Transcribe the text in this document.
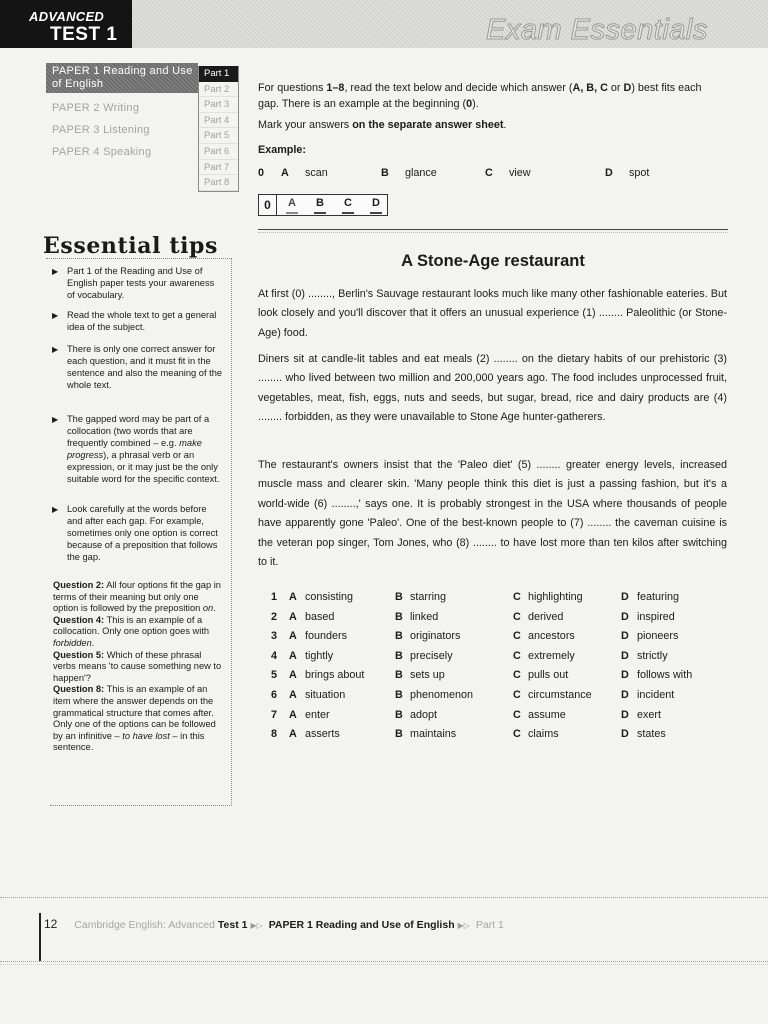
ADVANCED
TEST 1	Exam Essentials
PAPER 1 Reading and Use of English
PAPER 2 Writing
PAPER 3 Listening
PAPER 4 Speaking
Part 1
Part 2
Part 3
Part 4
Part 5
Part 6
Part 7
Part 8
Essential tips
▶ Part 1 of the Reading and Use of English paper tests your awareness of vocabulary.
▶ Read the whole text to get a general idea of the subject.
▶ There is only one correct answer for each question, and it must fit in the sentence and also the meaning of the whole text.
▶ The gapped word may be part of a collocation (two words that are frequently combined – e.g. make progress), a phrasal verb or an expression, or it may just be the only suitable word for the specific context.
▶ Look carefully at the words before and after each gap. For example, sometimes only one option is correct because of a preposition that follows the gap.
Question 2: All four options fit the gap in terms of their meaning but only one option is followed by the preposition on.
Question 4: This is an example of a collocation. Only one option goes with forbidden.
Question 5: Which of these phrasal verbs means 'to cause something new to happen'?
Question 8: This is an example of an item where the answer depends on the grammatical structure that comes after. Only one of the options can be followed by an infinitive – to have lost – in this sentence.
For questions 1–8, read the text below and decide which answer (A, B, C or D) best fits each gap. There is an example at the beginning (0).
Mark your answers on the separate answer sheet.
Example:
0 A scan	B glance	C view	D spot
0	A B C D
A Stone-Age restaurant
At first (0) ........, Berlin's Sauvage restaurant looks much like many other fashionable eateries. But look closely and you'll discover that it offers an unusual experience (1) ........ Paleolithic (or Stone-Age) food.
Diners sit at candle-lit tables and eat meals (2) ........ on the dietary habits of our prehistoric (3) ........ who lived between two million and 200,000 years ago. The food includes unprocessed fruit, vegetables, meat, fish, eggs, nuts and seeds, but sugar, bread, rice and dairy products are (4) ........ forbidden, as they were unavailable to Stone Age hunter-gatherers.
The restaurant's owners insist that the 'Paleo diet' (5) ........ greater energy levels, increased muscle mass and clearer skin. 'Many people think this diet is just a passing fashion, but it's a world-wide (6) ........,' says one. It is probably strongest in the USA where thousands of people have apparently gone 'Paleo'. One of the best-known people to (7) ........ the caveman cuisine is the veteran pop singer, Tom Jones, who (8) ........ to have lost more than ten kilos after switching to it.
1 A consisting	B starring	C highlighting	D featuring
2 A based	B linked	C derived	D inspired
3 A founders	B originators	C ancestors	D pioneers
4 A tightly	B precisely	C extremely	D strictly
5 A brings about	B sets up	C pulls out	D follows with
6 A situation	B phenomenon	C circumstance	D incident
7 A enter	B adopt	C assume	D exert
8 A asserts	B maintains	C claims	D states
12 Cambridge English: Advanced Test 1 ▶▷ PAPER 1 Reading and Use of English ▶▷ Part 1
